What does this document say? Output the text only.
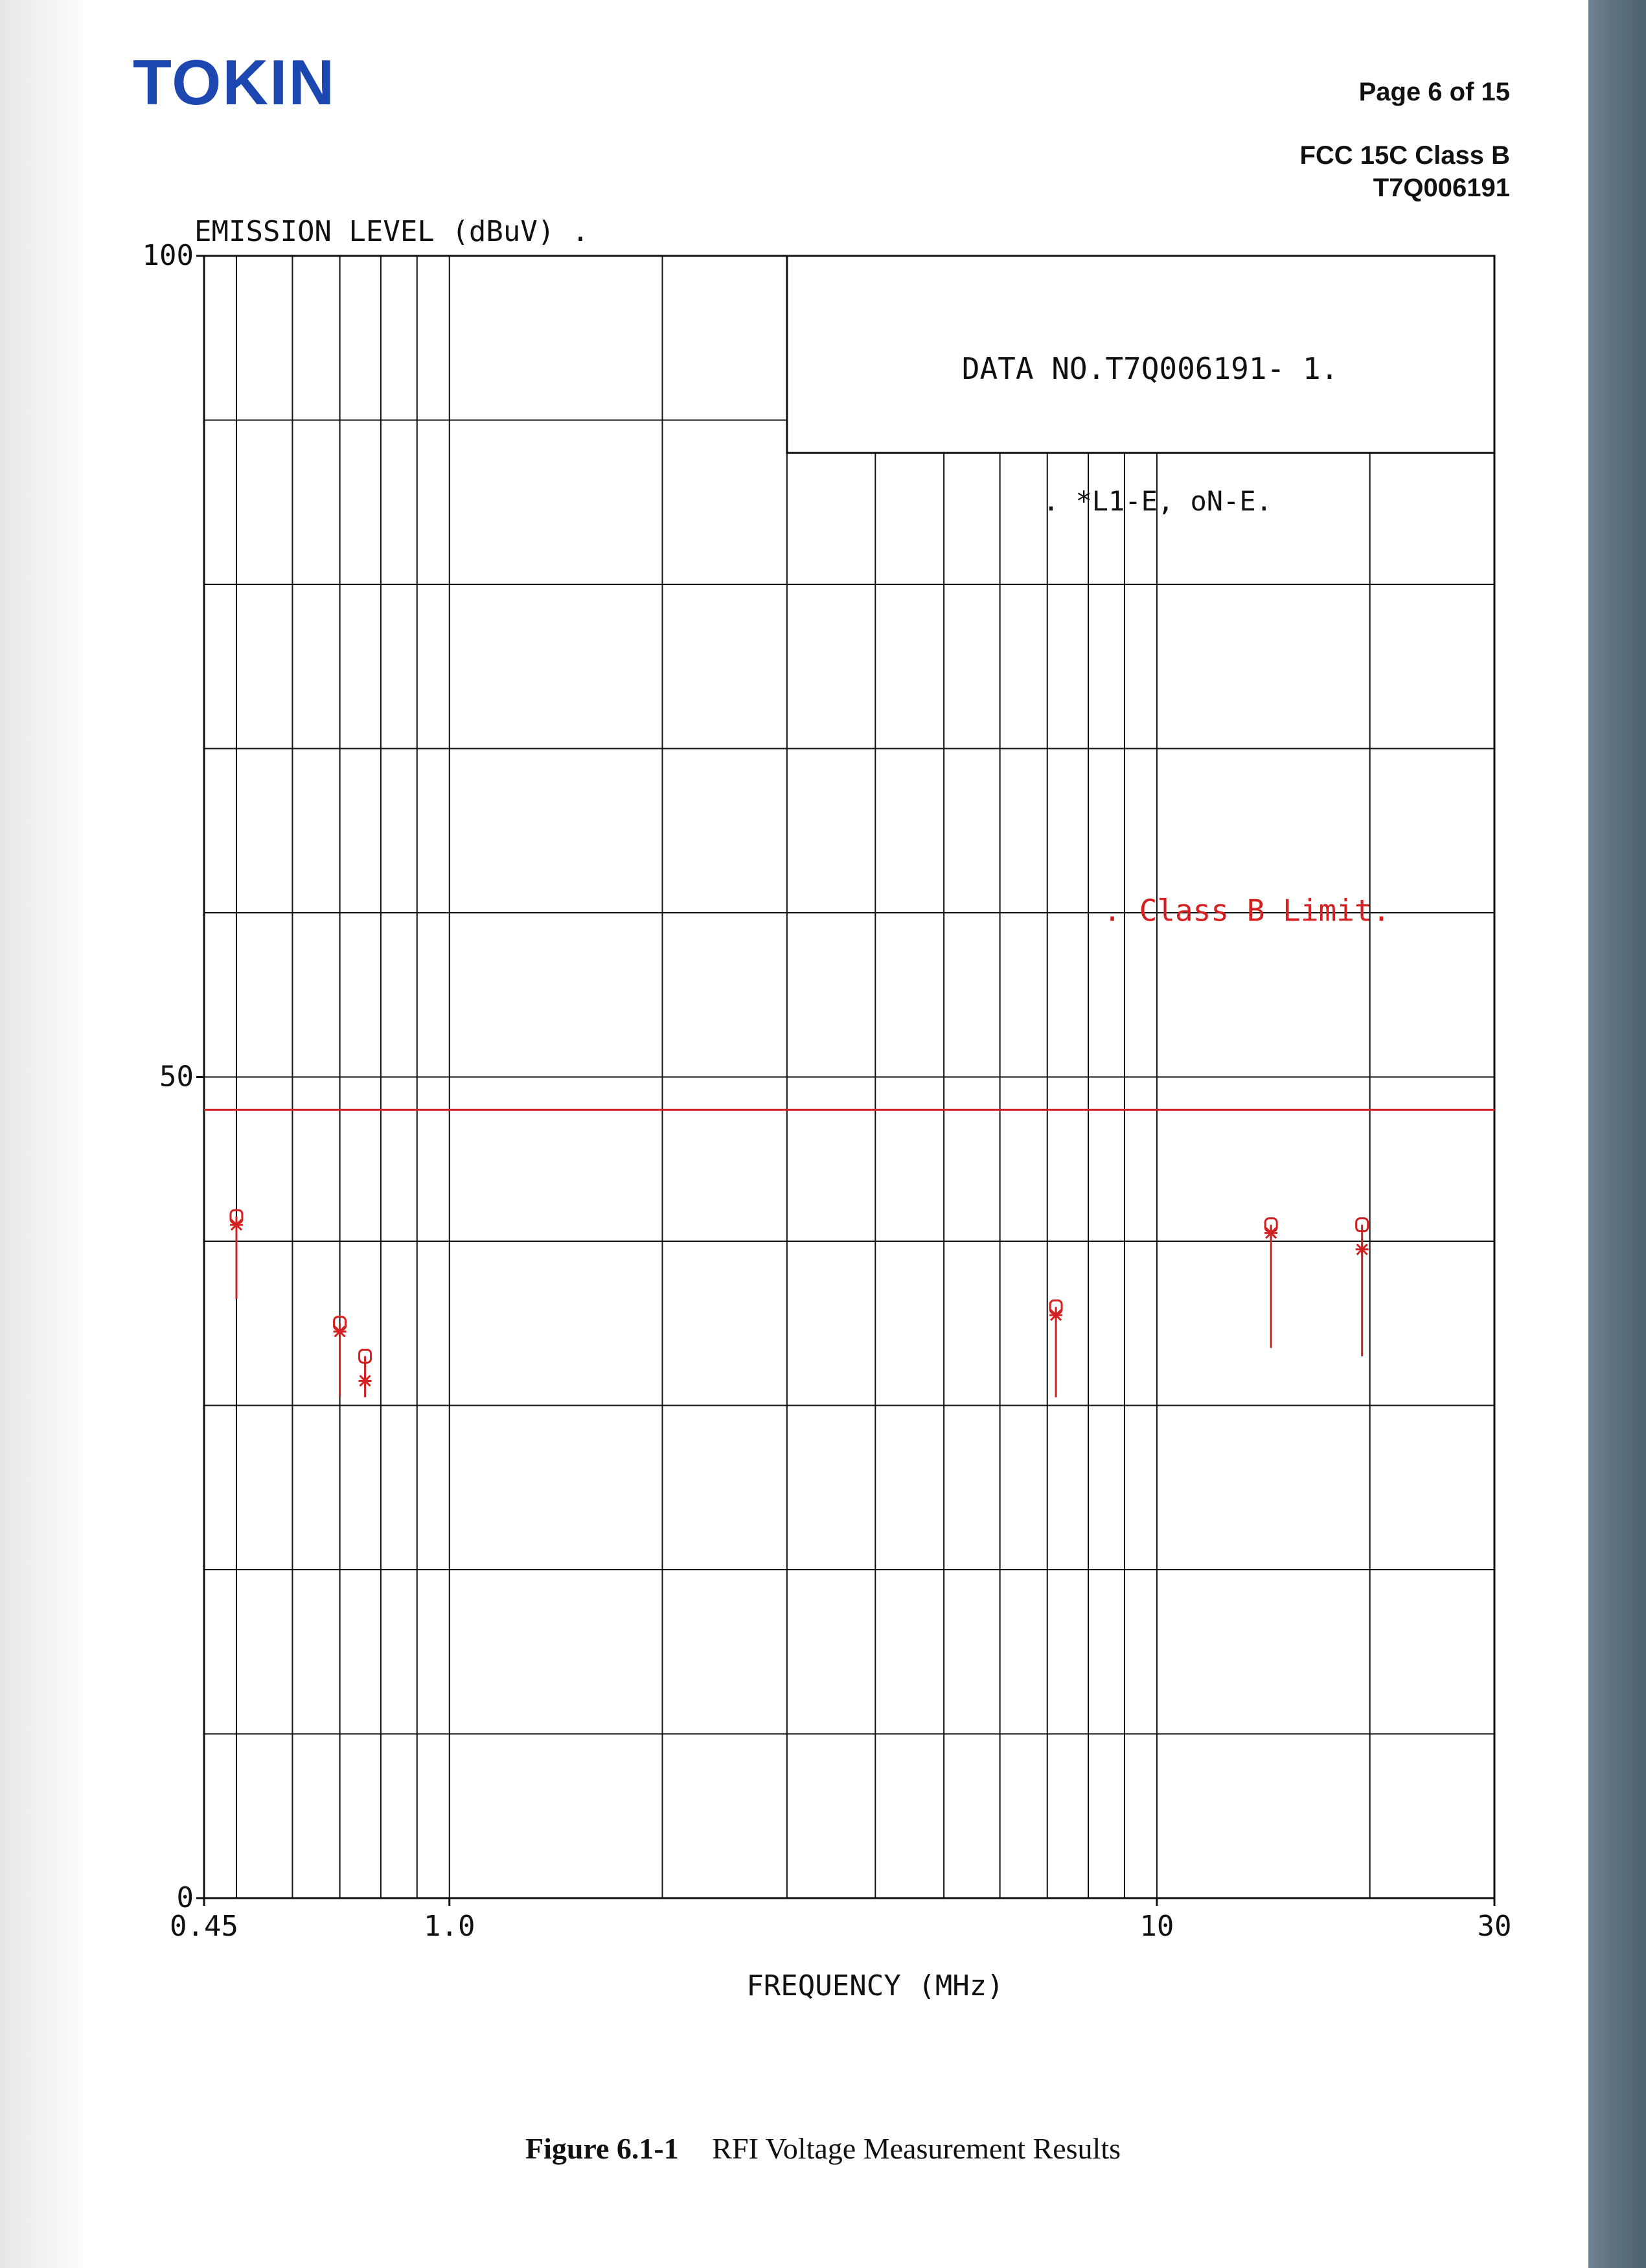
TOKIN	Page 6 of 15
FCC 15C Class B
T7Q006191
0.45	1.0	10	30
0
50
100
EMISSION LEVEL (dBuV) .
FREQUENCY (MHz)
DATA NO.T7Q006191- 1.
. *L1-E, oN-E.
. Class B Limit.
Figure 6.1-1 RFI Voltage Measurement Results
